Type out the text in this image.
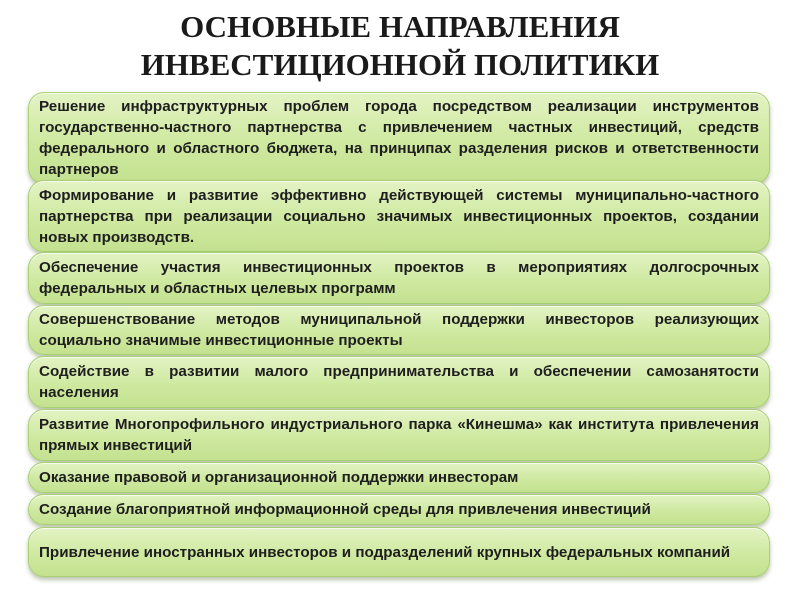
ОСНОВНЫЕ НАПРАВЛЕНИЯ
ИНВЕСТИЦИОННОЙ ПОЛИТИКИ
Решение инфраструктурных проблем города посредством реализации инструментов государственно-частного партнерства с привлечением частных инвестиций, средств федерального и областного бюджета, на принципах разделения рисков и ответственности партнеров
Формирование и развитие эффективно действующей системы муниципально-частного партнерства при реализации социально значимых инвестиционных проектов, создании новых производств.
Обеспечение участия инвестиционных проектов в мероприятиях долгосрочных федеральных и областных целевых программ
Совершенствование методов муниципальной поддержки инвесторов реализующих социально значимые инвестиционные проекты
Содействие в развитии малого предпринимательства и обеспечении самозанятости населения
Развитие Многопрофильного индустриального парка «Кинешма» как института привлечения прямых инвестиций
Оказание правовой и организационной поддержки инвесторам
Создание благоприятной информационной среды для привлечения инвестиций
Привлечение иностранных инвесторов и подразделений крупных федеральных компаний
